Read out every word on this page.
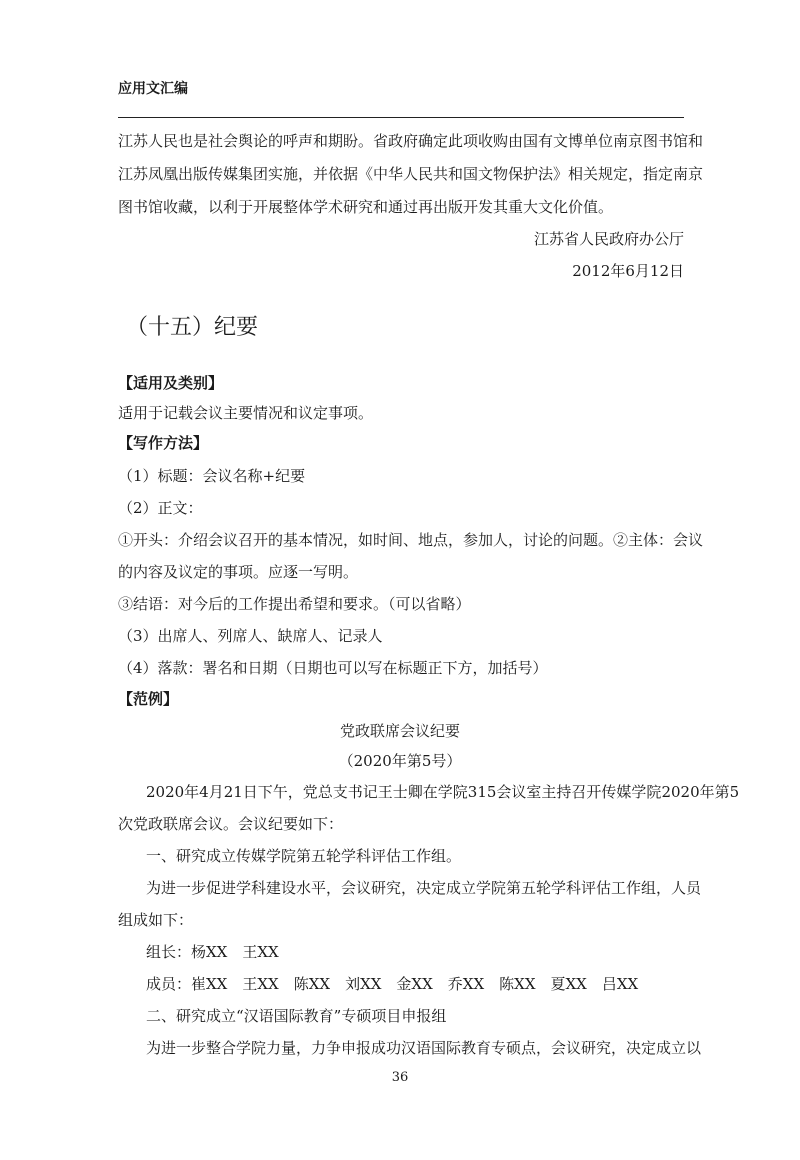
应用文汇编
江苏人民也是社会舆论的呼声和期盼。省政府确定此项收购由国有文博单位南京图书馆和
江苏凤凰出版传媒集团实施，并依据《中华人民共和国文物保护法》相关规定，指定南京
图书馆收藏，以利于开展整体学术研究和通过再出版开发其重大文化价值。
江苏省人民政府办公厅
2012年6月12日
（十五）纪要
【适用及类别】
适用于记载会议主要情况和议定事项。
【写作方法】
（1）标题：会议名称+纪要
（2）正文：
①开头：介绍会议召开的基本情况，如时间、地点，参加人，讨论的问题。②主体：会议
的内容及议定的事项。应逐一写明。
③结语：对今后的工作提出希望和要求。（可以省略）
（3）出席人、列席人、缺席人、记录人
（4）落款：署名和日期（日期也可以写在标题正下方，加括号）
【范例】
党政联席会议纪要
（2020年第5号）
2020年4月21日下午，党总支书记王士卿在学院315会议室主持召开传媒学院2020年第5
次党政联席会议。会议纪要如下：
一、研究成立传媒学院第五轮学科评估工作组。
为进一步促进学科建设水平，会议研究，决定成立学院第五轮学科评估工作组，人员
组成如下：
组长：杨XX　王XX
成员：崔XX　王XX　陈XX　刘XX　金XX　乔XX　陈XX　夏XX　吕XX
二、研究成立“汉语国际教育”专硕项目申报组
为进一步整合学院力量，力争申报成功汉语国际教育专硕点，会议研究，决定成立以
36
